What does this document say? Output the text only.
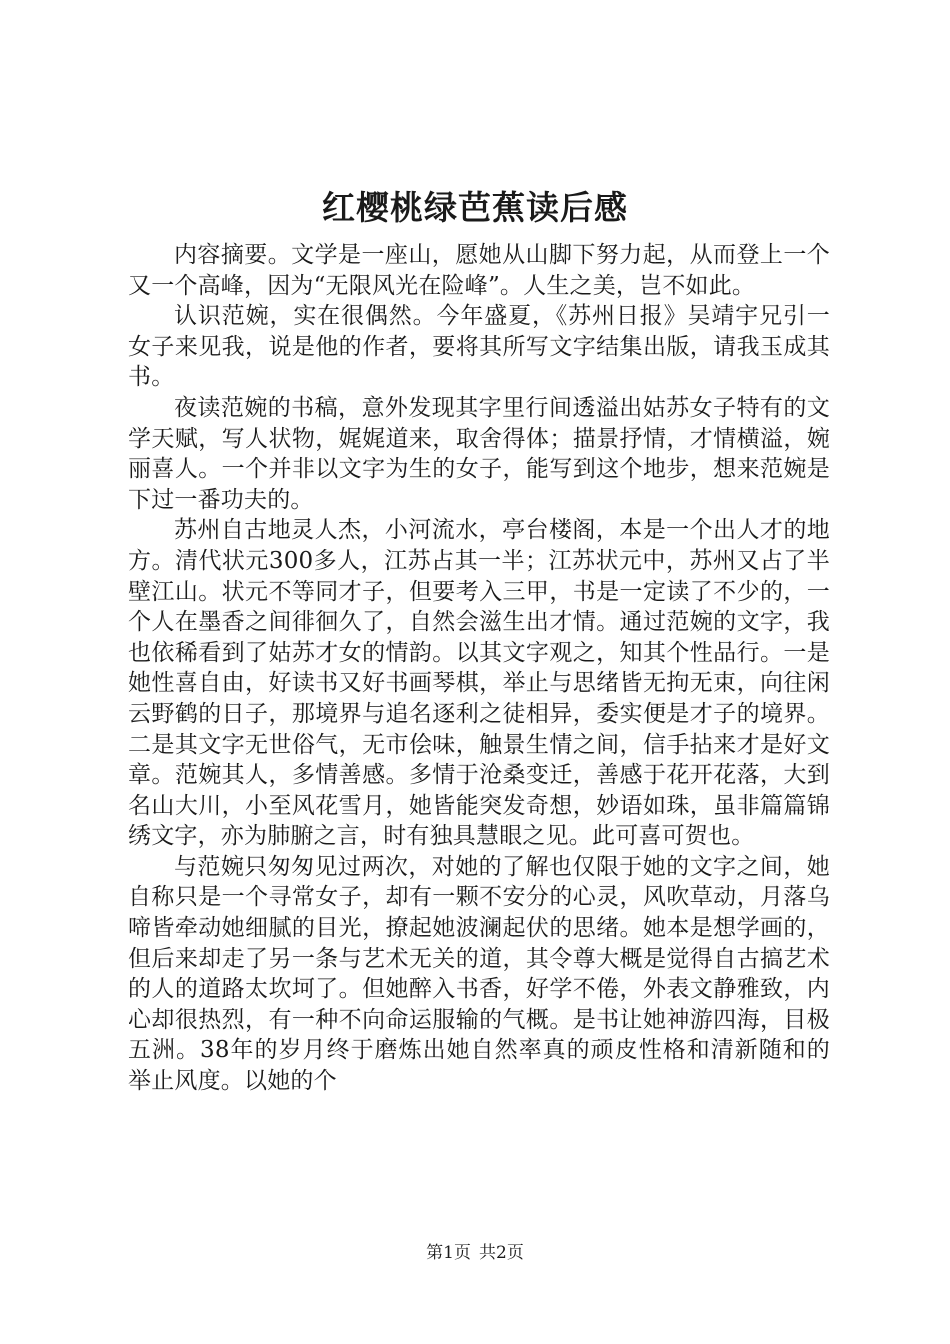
红樱桃绿芭蕉读后感

内容摘要。文学是一座山，愿她从山脚下努力起，从而登上一个又一个高峰，因为“无限风光在险峰”。人生之美，岂不如此。

认识范婉，实在很偶然。今年盛夏，《苏州日报》吴靖宇兄引一女子来见我，说是他的作者，要将其所写文字结集出版，请我玉成其书。

夜读范婉的书稿，意外发现其字里行间透溢出姑苏女子特有的文学天赋，写人状物，娓娓道来，取舍得体；描景抒情，才情横溢，婉丽喜人。一个并非以文字为生的女子，能写到这个地步，想来范婉是下过一番功夫的。

苏州自古地灵人杰，小河流水，亭台楼阁，本是一个出人才的地方。清代状元300多人，江苏占其一半；江苏状元中，苏州又占了半壁江山。状元不等同才子，但要考入三甲，书是一定读了不少的，一个人在墨香之间徘徊久了，自然会滋生出才情。通过范婉的文字，我也依稀看到了姑苏才女的情韵。以其文字观之，知其个性品行。一是她性喜自由，好读书又好书画琴棋，举止与思绪皆无拘无束，向往闲云野鹤的日子，那境界与追名逐利之徒相异，委实便是才子的境界。二是其文字无世俗气，无市侩味，触景生情之间，信手拈来才是好文章。范婉其人，多情善感。多情于沧桑变迁，善感于花开花落，大到名山大川，小至风花雪月，她皆能突发奇想，妙语如珠，虽非篇篇锦绣文字，亦为肺腑之言，时有独具慧眼之见。此可喜可贺也。

与范婉只匆匆见过两次，对她的了解也仅限于她的文字之间，她自称只是一个寻常女子，却有一颗不安分的心灵，风吹草动，月落乌啼皆牵动她细腻的目光，撩起她波澜起伏的思绪。她本是想学画的，但后来却走了另一条与艺术无关的道，其令尊大概是觉得自古搞艺术的人的道路太坎坷了。但她醉入书香，好学不倦，外表文静雅致，内心却很热烈，有一种不向命运服输的气概。是书让她神游四海，目极五洲。38年的岁月终于磨炼出她自然率真的顽皮性格和清新随和的举止风度。以她的个

第1页 共2页
